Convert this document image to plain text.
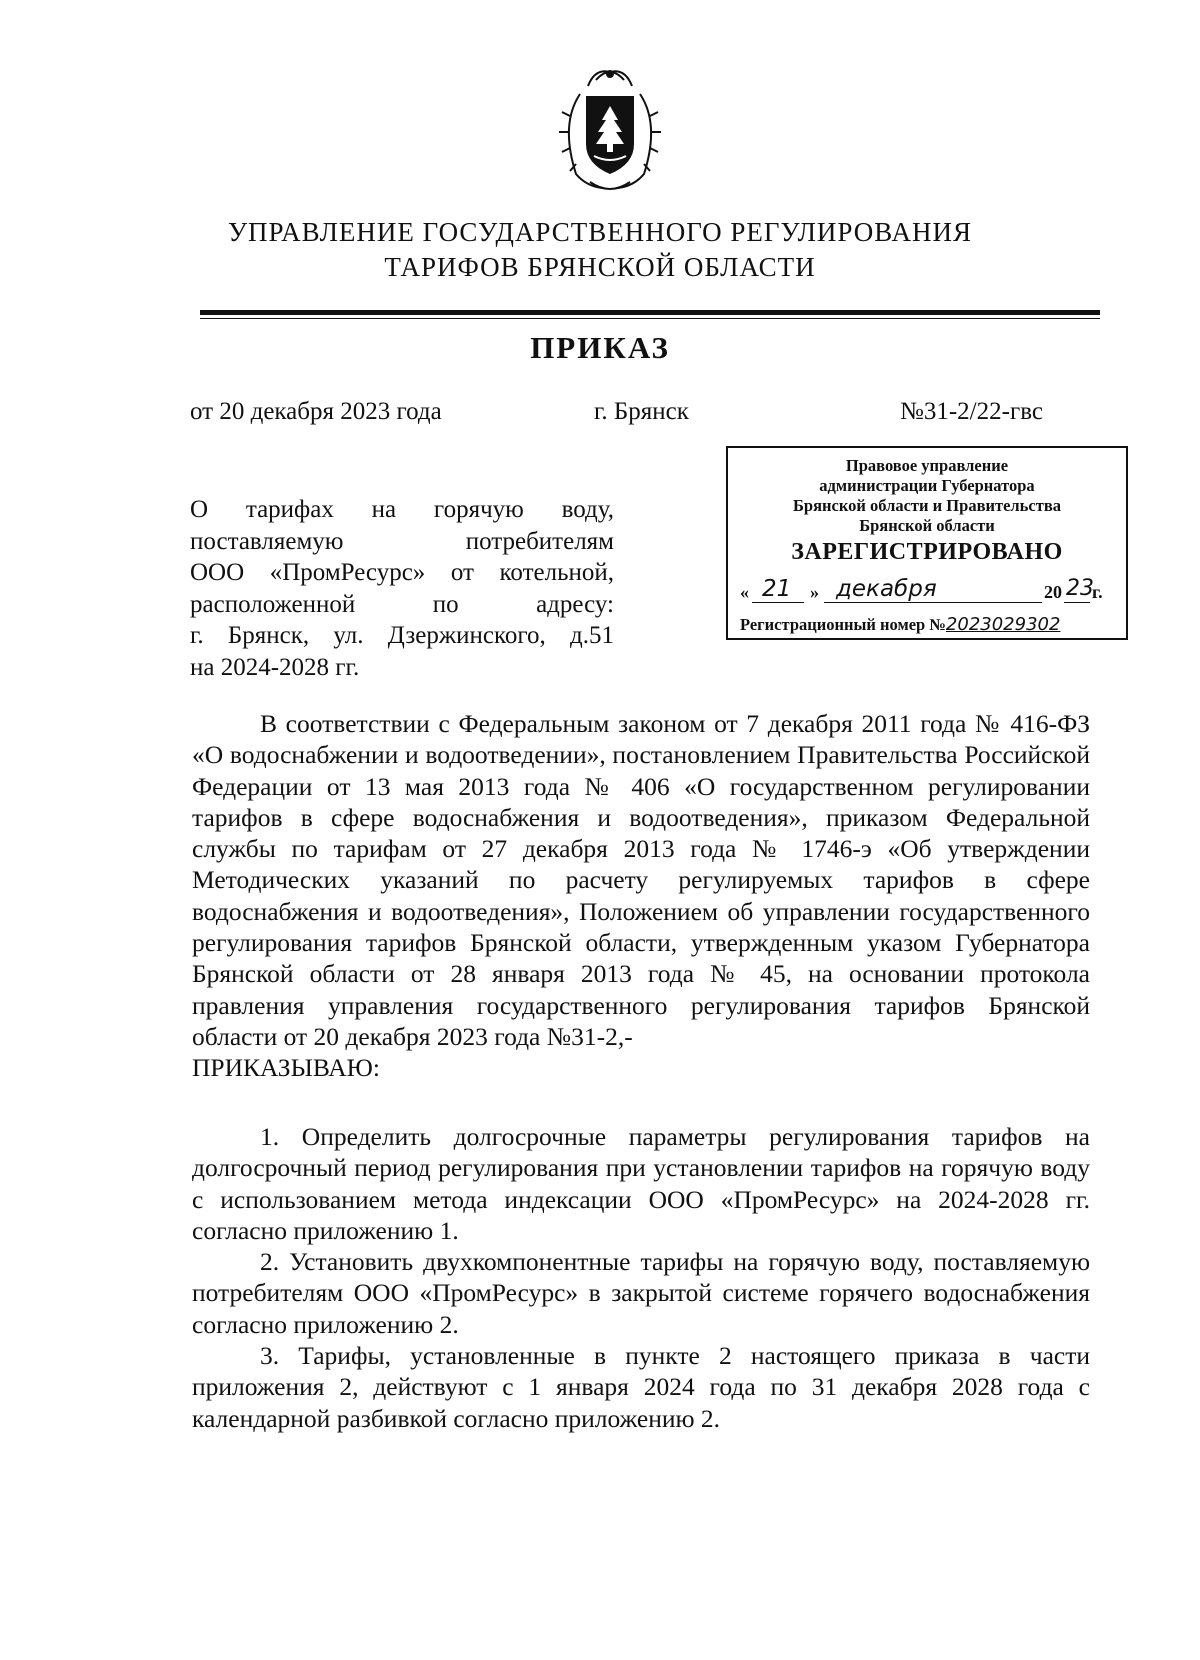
УПРАВЛЕНИЕ ГОСУДАРСТВЕННОГО РЕГУЛИРОВАНИЯ
ТАРИФОВ БРЯНСКОЙ ОБЛАСТИ
ПРИКАЗ
от 20 декабря 2023 года	г. Брянск	№31-2/22-гвс
Правовое управление
администрации Губернатора
Брянской области и Правительства
Брянской области
ЗАРЕГИСТРИРОВАНО
« 21 » декабря	20 23
г.
Регистрационный номер №2023029302
О тарифах на горячую воду,
поставляемую потребителям
ООО «ПромРесурс» от котельной,
расположенной по адресу:
г. Брянск, ул. Дзержинского, д.51
на 2024-2028 гг.
В соответствии с Федеральным законом от 7 декабря 2011 года № 416-ФЗ «О водоснабжении и водоотведении», постановлением Правительства Российской Федерации от 13 мая 2013 года № 406 «О государственном регулировании тарифов в сфере водоснабжения и водоотведения», приказом Федеральной службы по тарифам от 27 декабря 2013 года № 1746-э «Об утверждении Методических указаний по расчету регулируемых тарифов в сфере водоснабжения и водоотведения», Положением об управлении государственного регулирования тарифов Брянской области, утвержденным указом Губернатора Брянской области от 28 января 2013 года № 45, на основании протокола правления управления государственного регулирования тарифов Брянской области от 20 декабря 2023 года №31-2,-
ПРИКАЗЫВАЮ:
1. Определить долгосрочные параметры регулирования тарифов на долгосрочный период регулирования при установлении тарифов на горячую воду с использованием метода индексации ООО «ПромРесурс» на 2024-2028 гг. согласно приложению 1.
2. Установить двухкомпонентные тарифы на горячую воду, поставляемую потребителям ООО «ПромРесурс» в закрытой системе горячего водоснабжения согласно приложению 2.
3. Тарифы, установленные в пункте 2 настоящего приказа в части приложения 2, действуют с 1 января 2024 года по 31 декабря 2028 года с календарной разбивкой согласно приложению 2.
